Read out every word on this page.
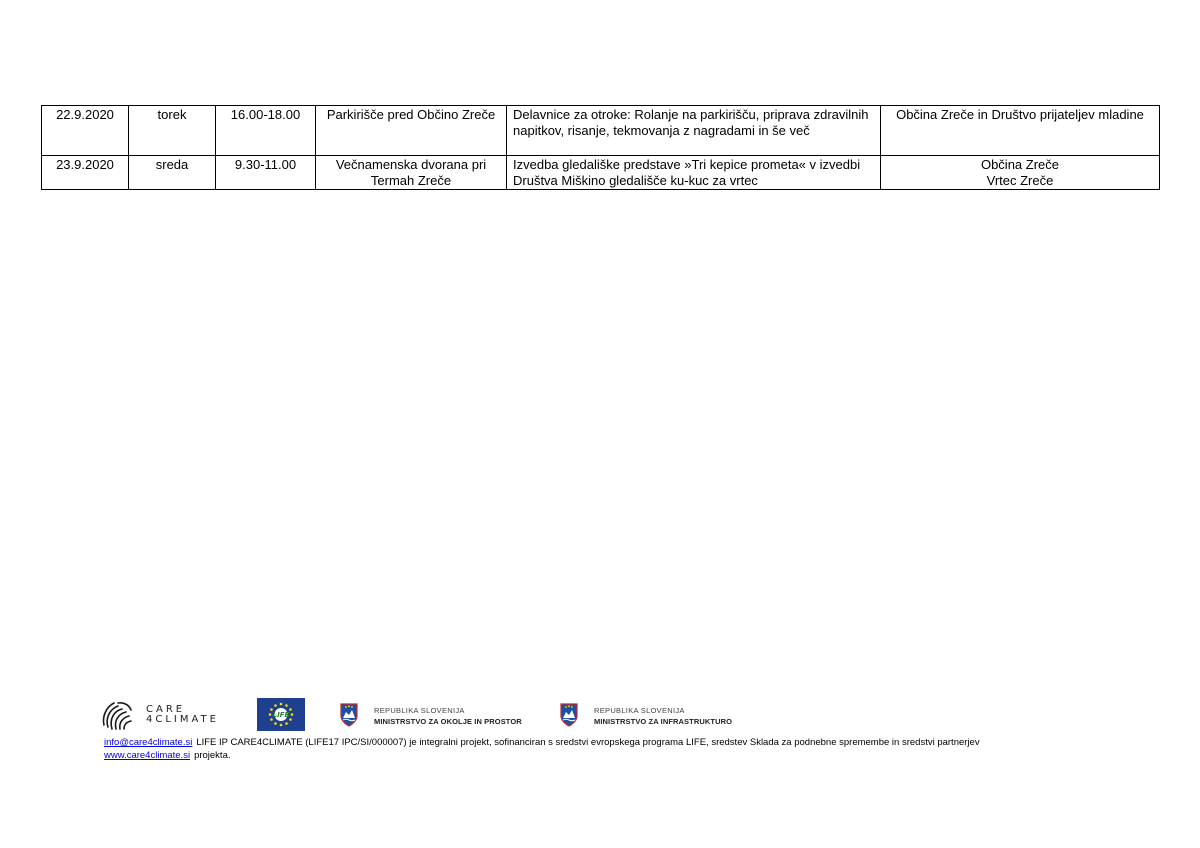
22.9.2020	torek	16.00-18.00	Parkirišče pred Občino Zreče	Delavnice za otroke: Rolanje na parkirišču, priprava zdravilnih napitkov, risanje, tekmovanja z nagradami in še več	Občina Zreče in Društvo prijateljev mladine
23.9.2020	sreda	9.30-11.00	Večnamenska dvorana pri Termah Zreče	Izvedba gledališke predstave »Tri kepice prometa« v izvedbi Društva Miškino gledališče ku-kuc za vrtec	Občina Zreče
Vrtec Zreče
CARE
4CLIMATE	LIFE	REPUBLIKA SLOVENIJA
MINISTRSTVO ZA OKOLJE IN PROSTOR
REPUBLIKA SLOVENIJA
MINISTRSTVO ZA INFRASTRUKTURO
info@care4climate.si LIFE IP CARE4CLIMATE (LIFE17 IPC/SI/000007) je integralni projekt, sofinanciran s sredstvi evropskega programa LIFE, sredstev Sklada za podnebne spremembe in sredstvi partnerjev
www.care4climate.si projekta.
